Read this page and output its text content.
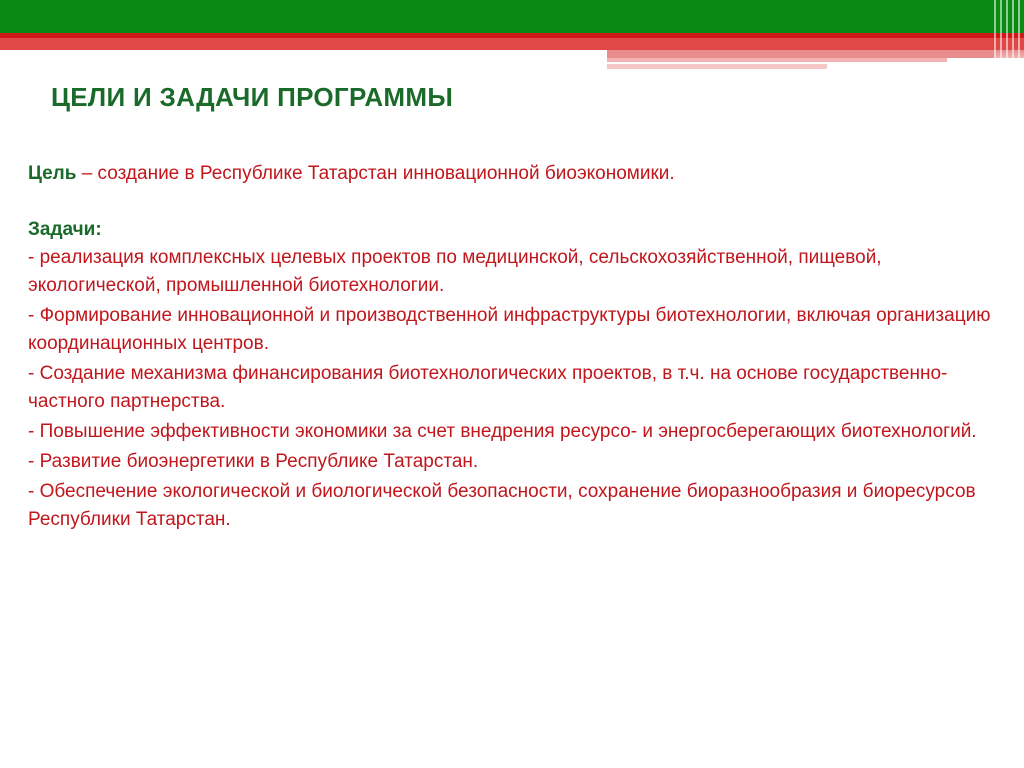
ЦЕЛИ И ЗАДАЧИ ПРОГРАММЫ

Цель – создание в Республике Татарстан инновационной биоэкономики.

Задачи:

- реализация комплексных целевых проектов по медицинской, сельскохозяйственной, пищевой, экологической, промышленной биотехнологии.
- Формирование инновационной и производственной инфраструктуры биотехнологии, включая организацию координационных центров.
- Создание механизма финансирования биотехнологических проектов, в т.ч. на основе государственно-частного партнерства.
- Повышение эффективности экономики за счет внедрения ресурсо- и энергосберегающих биотехнологий.
- Развитие биоэнергетики в Республике Татарстан.
- Обеспечение экологической и биологической безопасности, сохранение биоразнообразия и биоресурсов Республики Татарстан.
